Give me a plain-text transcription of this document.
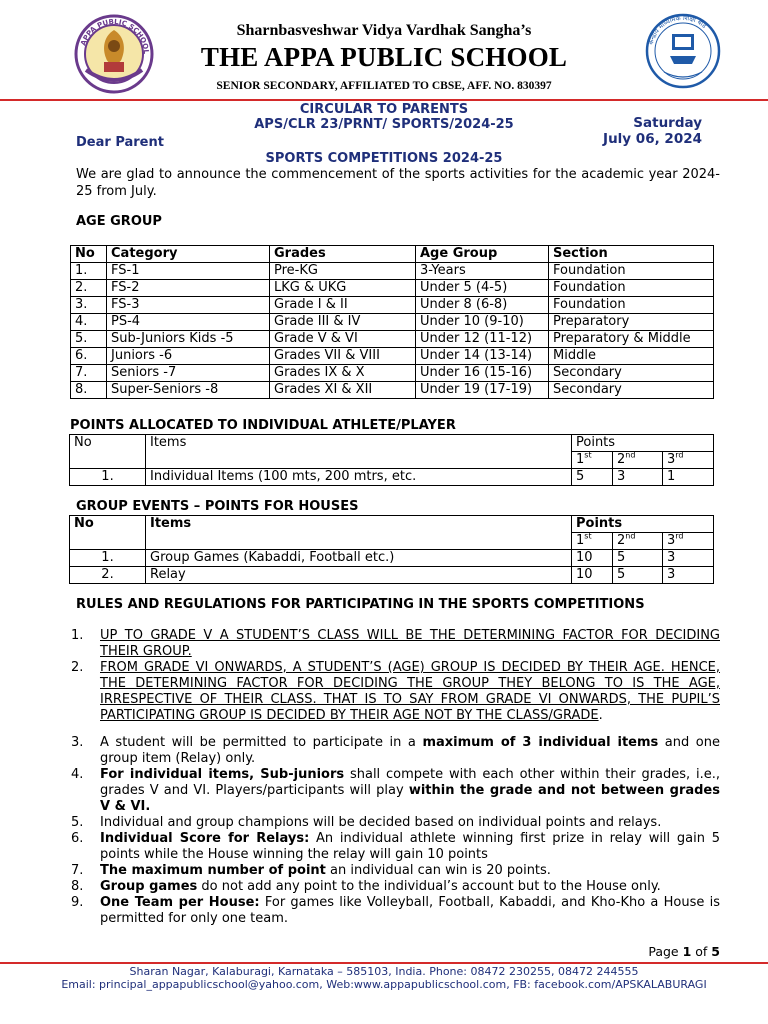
APPA PUBLIC SCHOOL
केन्द्रीय माध्यमिक शिक्षा बोर्ड
Sharnbasveshwar Vidya Vardhak Sangha’s
THE APPA PUBLIC SCHOOL
SENIOR SECONDARY, AFFILIATED TO CBSE, AFF. NO. 830397
CIRCULAR TO PARENTS
APS/CLR 23/PRNT/ SPORTS/2024-25	Saturday
July 06, 2024
Dear Parent
SPORTS COMPETITIONS 2024-25
We are glad to announce the commencement of the sports activities for the academic year 2024-25 from July.
AGE GROUP
No	Category	Grades	Age Group	Section
1.	FS-1	Pre-KG	3-Years	Foundation
2.	FS-2	LKG & UKG	Under 5 (4-5)	Foundation
3.	FS-3	Grade I & II	Under 8 (6-8)	Foundation
4.	PS-4	Grade III & IV	Under 10 (9-10)	Preparatory
5.	Sub-Juniors Kids -5	Grade V & VI	Under 12 (11-12)	Preparatory & Middle
6.	Juniors -6	Grades VII & VIII	Under 14 (13-14)	Middle
7.	Seniors -7	Grades IX & X	Under 16 (15-16)	Secondary
8.	Super-Seniors -8	Grades XI & XII	Under 19 (17-19)	Secondary
POINTS ALLOCATED TO INDIVIDUAL ATHLETE/PLAYER
No	Items	Points		
		1st	2nd	3rd
1.	Individual Items (100 mts, 200 mtrs, etc.	5	3	1
GROUP EVENTS – POINTS FOR HOUSES
No	Items	Points		
		1st	2nd	3rd
1.	Group Games (Kabaddi, Football etc.)	10	5	3
2.	Relay	10	5	3
RULES AND REGULATIONS FOR PARTICIPATING IN THE SPORTS COMPETITIONS
1. UP TO GRADE V A STUDENT’S CLASS WILL BE THE DETERMINING FACTOR FOR DECIDING THEIR GROUP.
2. FROM GRADE VI ONWARDS, A STUDENT’S (AGE) GROUP IS DECIDED BY THEIR AGE. HENCE, THE DETERMINING FACTOR FOR DECIDING THE GROUP THEY BELONG TO IS THE AGE, IRRESPECTIVE OF THEIR CLASS. THAT IS TO SAY FROM GRADE VI ONWARDS, THE PUPIL’S PARTICIPATING GROUP IS DECIDED BY THEIR AGE NOT BY THE CLASS/GRADE.
3. A student will be permitted to participate in a maximum of 3 individual items and one group item (Relay) only.
4. For individual items, Sub-juniors shall compete with each other within their grades, i.e., grades V and VI. Players/participants will play within the grade and not between grades V & VI.
5. Individual and group champions will be decided based on individual points and relays.
6. Individual Score for Relays: An individual athlete winning first prize in relay will gain 5 points while the House winning the relay will gain 10 points
7. The maximum number of point an individual can win is 20 points.
8. Group games do not add any point to the individual’s account but to the House only.
9. One Team per House: For games like Volleyball, Football, Kabaddi, and Kho-Kho a House is permitted for only one team.
Page 1 of 5
Sharan Nagar, Kalaburagi, Karnataka – 585103, India. Phone: 08472 230255, 08472 244555
Email: principal_appapublicschool@yahoo.com, Web:www.appapublicschool.com, FB: facebook.com/APSKALABURAGI
